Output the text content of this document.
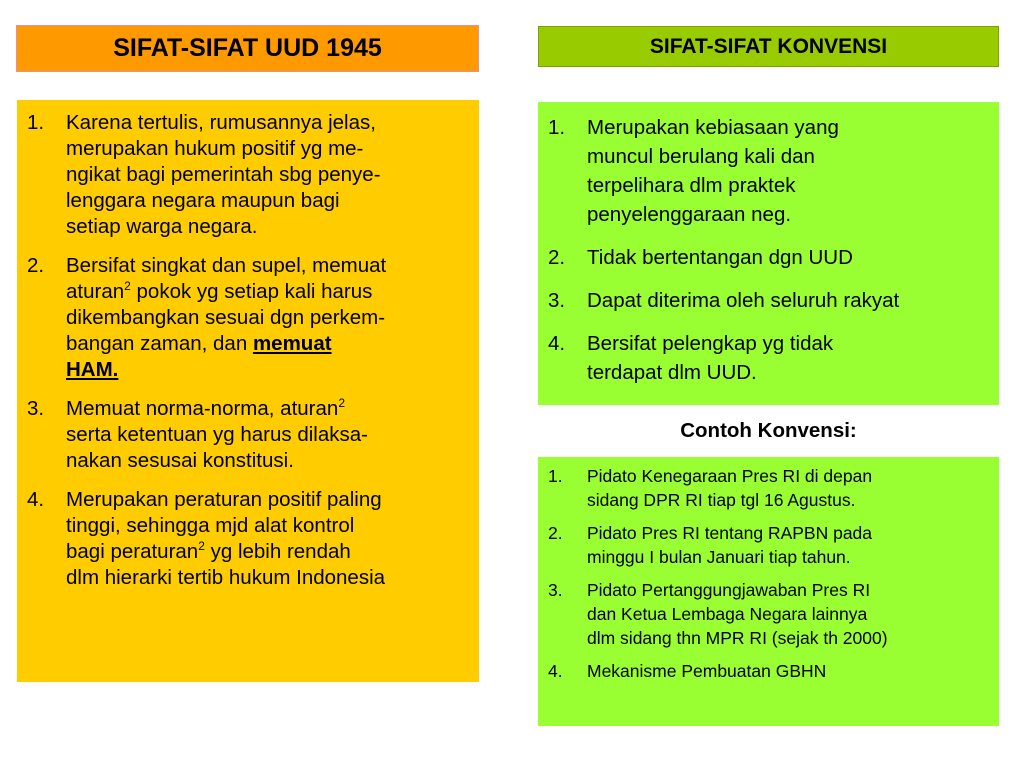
SIFAT-SIFAT UUD 1945	SIFAT-SIFAT KONVENSI
1.	Karena tertulis, rumusannya jelas,
merupakan hukum positif yg me-
ngikat bagi pemerintah sbg penye-
lenggara negara maupun bagi
setiap warga negara.
2.	Bersifat singkat dan supel, memuat
aturan$^2$ pokok yg setiap kali harus
dikembangkan sesuai dgn perkem-
bangan zaman, dan memuat
HAM.
3.	Memuat norma-norma, aturan$^2$
serta ketentuan yg harus dilaksa-
nakan sesusai konstitusi.
4.	Merupakan peraturan positif paling
tinggi, sehingga mjd alat kontrol
bagi peraturan$^2$ yg lebih rendah
dlm hierarki tertib hukum Indonesia
1.	Merupakan kebiasaan yang
muncul berulang kali dan
terpelihara dlm praktek
penyelenggaraan neg.
2.	Tidak bertentangan dgn UUD
3.	Dapat diterima oleh seluruh rakyat
4.	Bersifat pelengkap yg tidak
terdapat dlm UUD.
Contoh Konvensi:
1.	Pidato Kenegaraan Pres RI di depan
sidang DPR RI tiap tgl 16 Agustus.
2.	Pidato Pres RI tentang RAPBN pada
minggu I bulan Januari tiap tahun.
3.	Pidato Pertanggungjawaban Pres RI
dan Ketua Lembaga Negara lainnya
dlm sidang thn MPR RI (sejak th 2000)
4.	Mekanisme Pembuatan GBHN
